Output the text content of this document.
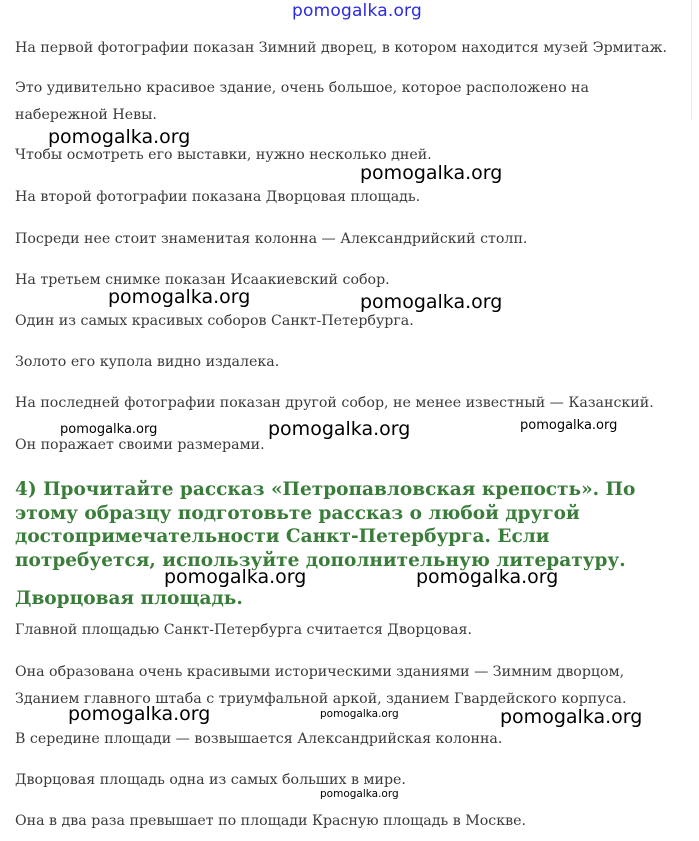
pomogalka.org

На первой фотографии показан Зимний дворец, в котором находится музей Эрмитаж.

Это удивительно красивое здание, очень большое, которое расположено на набережной Невы.

Чтобы осмотреть его выставки, нужно несколько дней.

На второй фотографии показана Дворцовая площадь.

Посреди нее стоит знаменитая колонна — Александрийский столп.

На третьем снимке показан Исаакиевский собор.

Один из самых красивых соборов Санкт-Петербурга.

Золото его купола видно издалека.

На последней фотографии показан другой собор, не менее известный — Казанский.

Он поражает своими размерами.

4) Прочитайте рассказ «Петропавловская крепость». По этому образцу подготовьте рассказ о любой другой достопримечательности Санкт-Петербурга. Если потребуется, используйте дополнительную литературу.
Дворцовая площадь.

Главной площадью Санкт-Петербурга считается Дворцовая.

Она образована очень красивыми историческими зданиями — Зимним дворцом, Зданием главного штаба с триумфальной аркой, зданием Гвардейского корпуса.

В середине площади — возвышается Александрийская колонна.

Дворцовая площадь одна из самых больших в мире.

Она в два раза превышает по площади Красную площадь в Москве.

pomogalka.org
pomogalka.org
pomogalka.org	pomogalka.org
pomogalka.org	pomogalka.org	pomogalka.org
pomogalka.org	pomogalka.org
pomogalka.org	pomogalka.org	pomogalka.org
pomogalka.org
